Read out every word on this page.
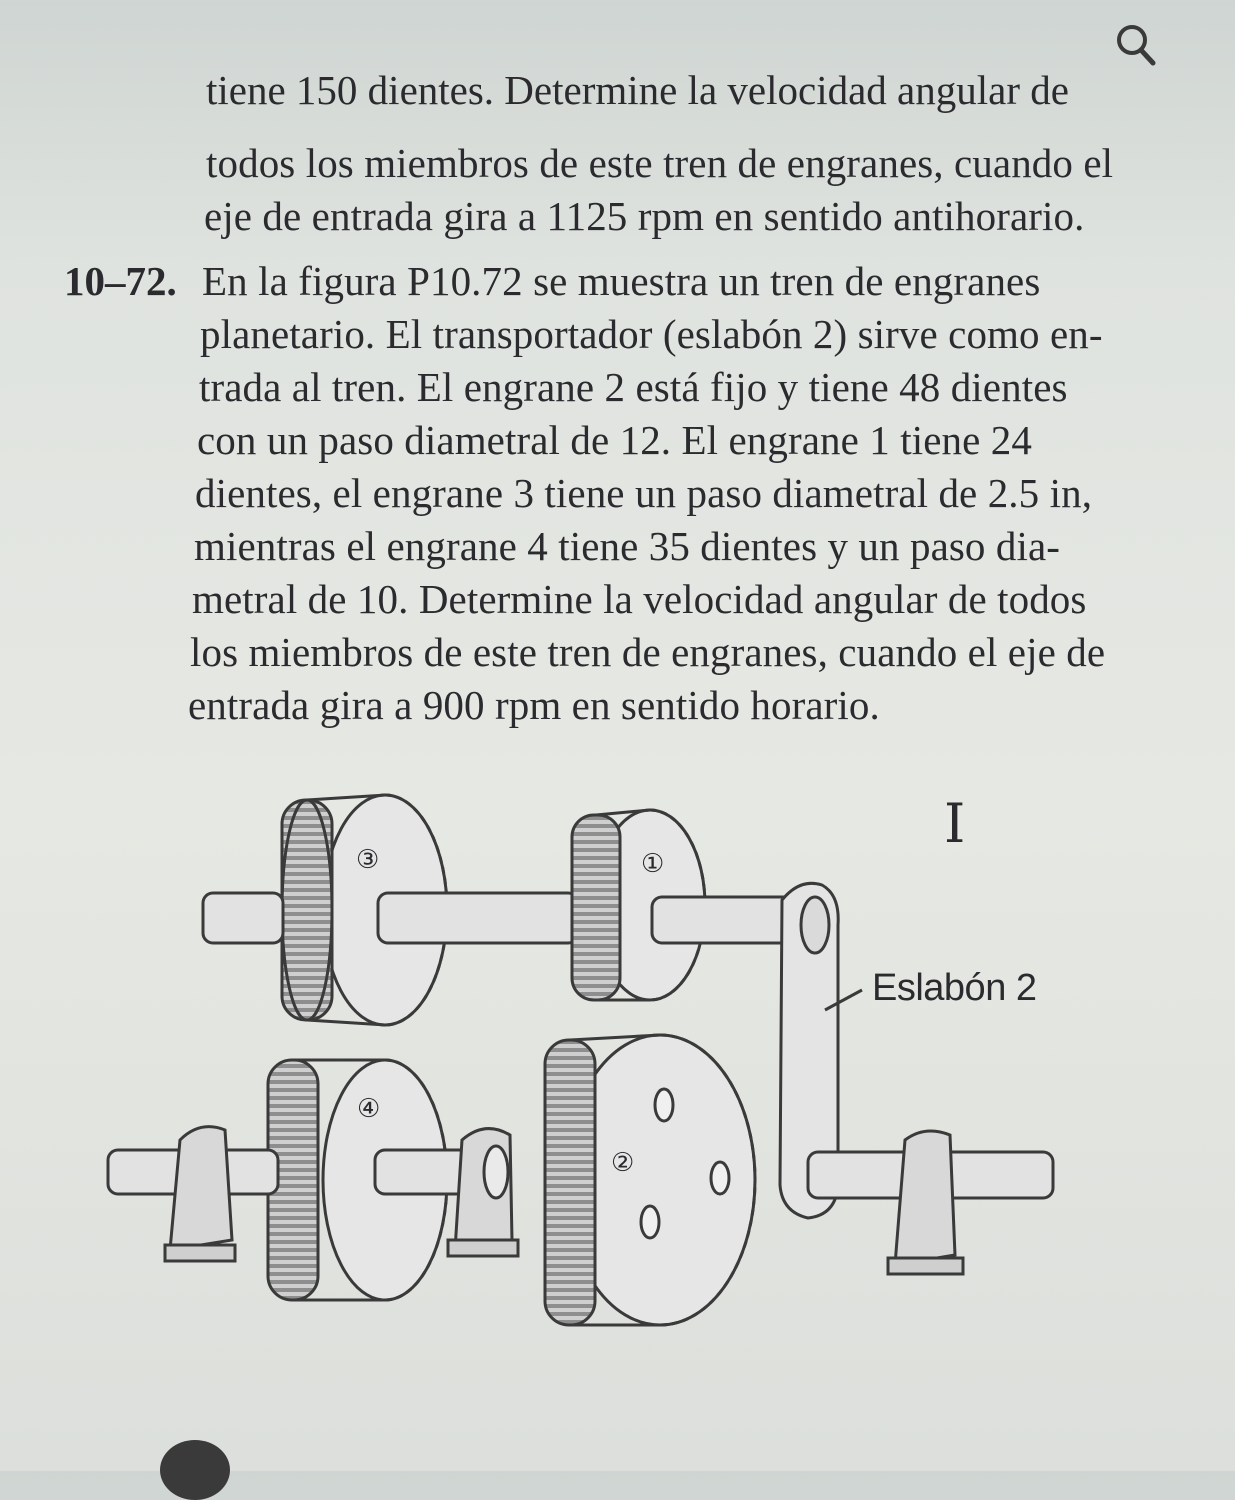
tiene 150 dientes. Determine la velocidad angular de
todos los miembros de este tren de engranes, cuando el
eje de entrada gira a 1125 rpm en sentido antihorario.
10–72. En la figura P10.72 se muestra un tren de engranes
planetario. El transportador (eslabón 2) sirve como en-
trada al tren. El engrane 2 está fijo y tiene 48 dientes
con un paso diametral de 12. El engrane 1 tiene 24
dientes, el engrane 3 tiene un paso diametral de 2.5 in,
mientras el engrane 4 tiene 35 dientes y un paso dia-
metral de 10. Determine la velocidad angular de todos
los miembros de este tren de engranes, cuando el eje de
entrada gira a 900 rpm en sentido horario.
③	①
④
②
Eslabón 2
I
